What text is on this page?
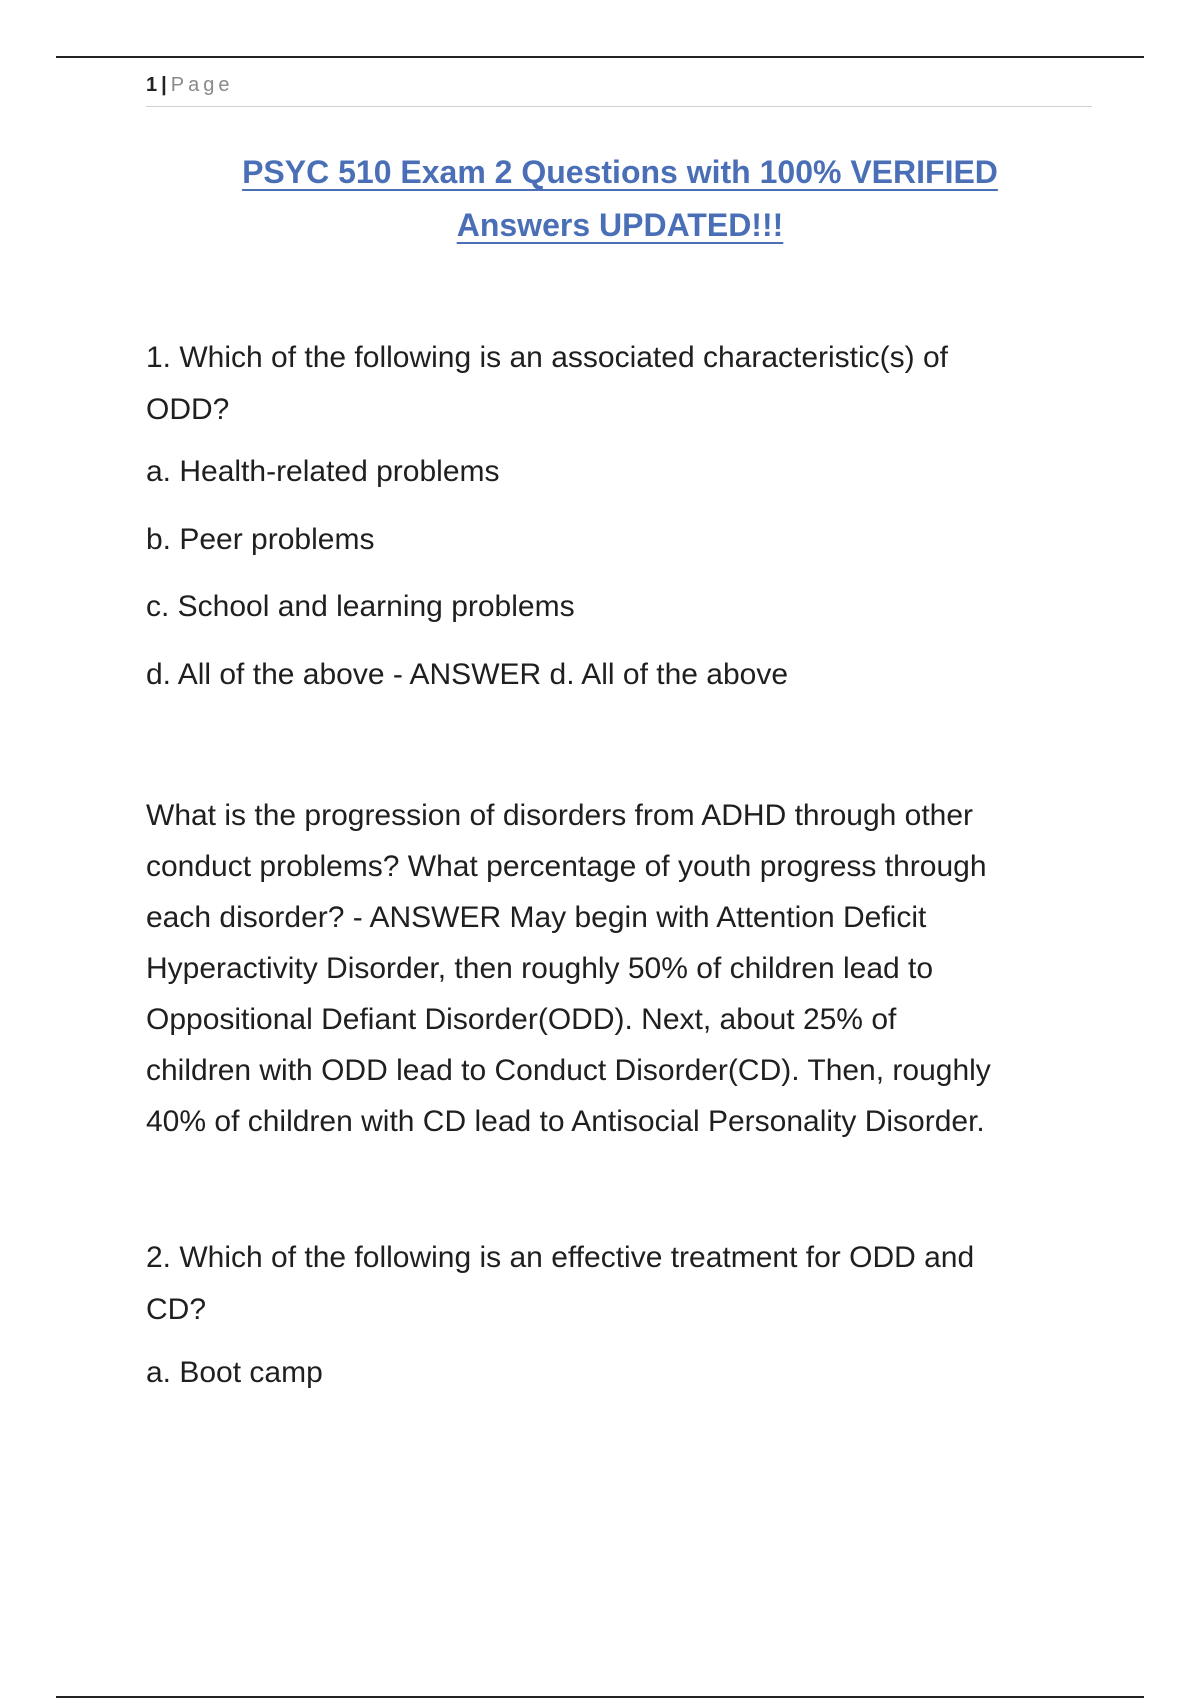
1 | Page
PSYC 510 Exam 2 Questions with 100% VERIFIED
Answers UPDATED!!!

1. Which of the following is an associated characteristic(s) of

ODD?

a. Health-related problems

b. Peer problems

c. School and learning problems

d. All of the above - ANSWER d. All of the above

What is the progression of disorders from ADHD through other

conduct problems? What percentage of youth progress through

each disorder? - ANSWER May begin with Attention Deficit

Hyperactivity Disorder, then roughly 50% of children lead to

Oppositional Defiant Disorder(ODD). Next, about 25% of

children with ODD lead to Conduct Disorder(CD). Then, roughly

40% of children with CD lead to Antisocial Personality Disorder.

2. Which of the following is an effective treatment for ODD and

CD?

a. Boot camp
